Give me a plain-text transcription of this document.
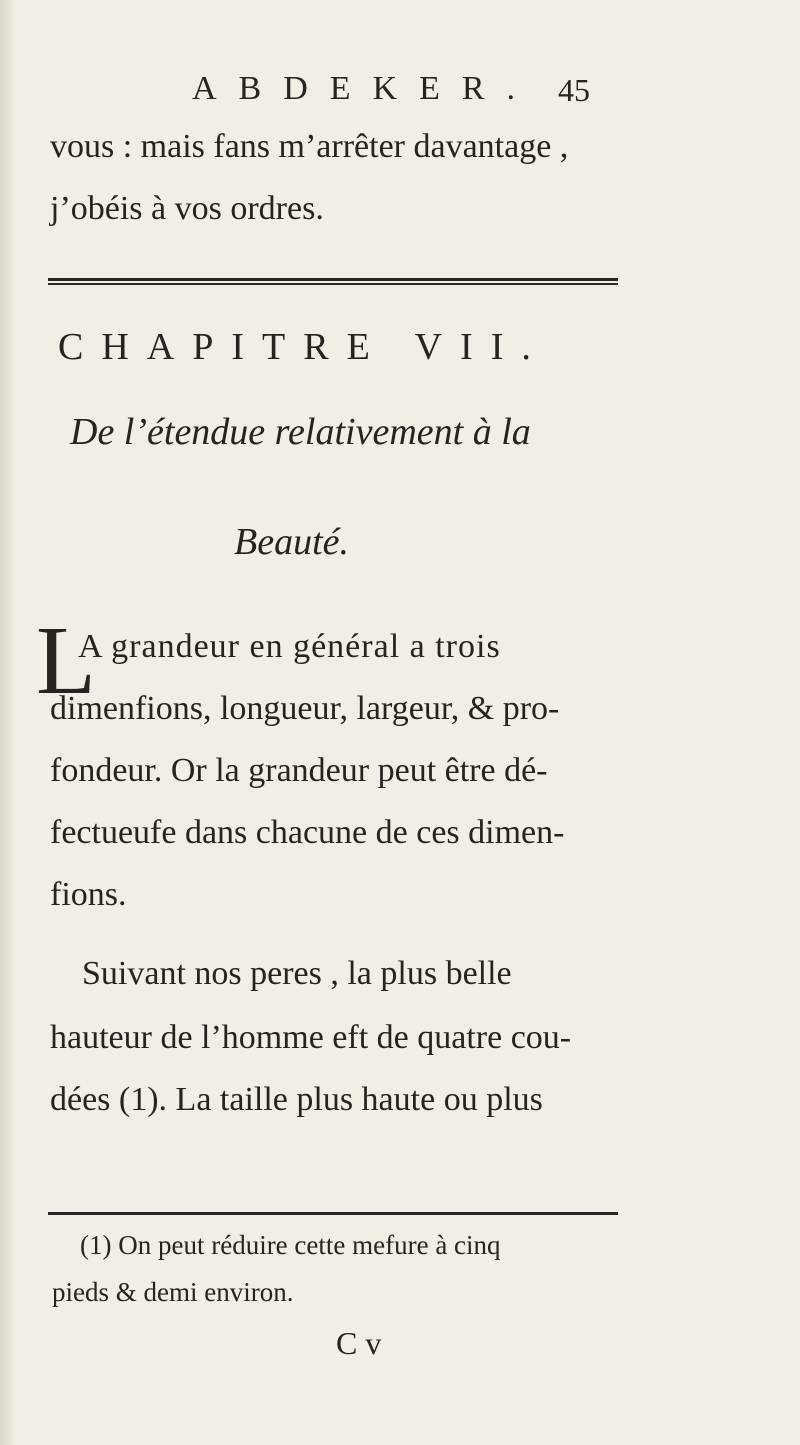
ABDEKER. 45
vous : mais fans m’arrêter davantage ,
j’obéis à vos ordres.
CHAPITRE VII.
De l’étendue relativement à la
Beauté.
L
A grandeur en général a trois
dimenfions, longueur, largeur, & pro-
fondeur. Or la grandeur peut être dé-
fectueufe dans chacune de ces dimen-
fions.
Suivant nos peres , la plus belle
hauteur de l’homme eft de quatre cou-
dées (1). La taille plus haute ou plus
(1) On peut réduire cette mefure à cinq
pieds & demi environ.
C v
